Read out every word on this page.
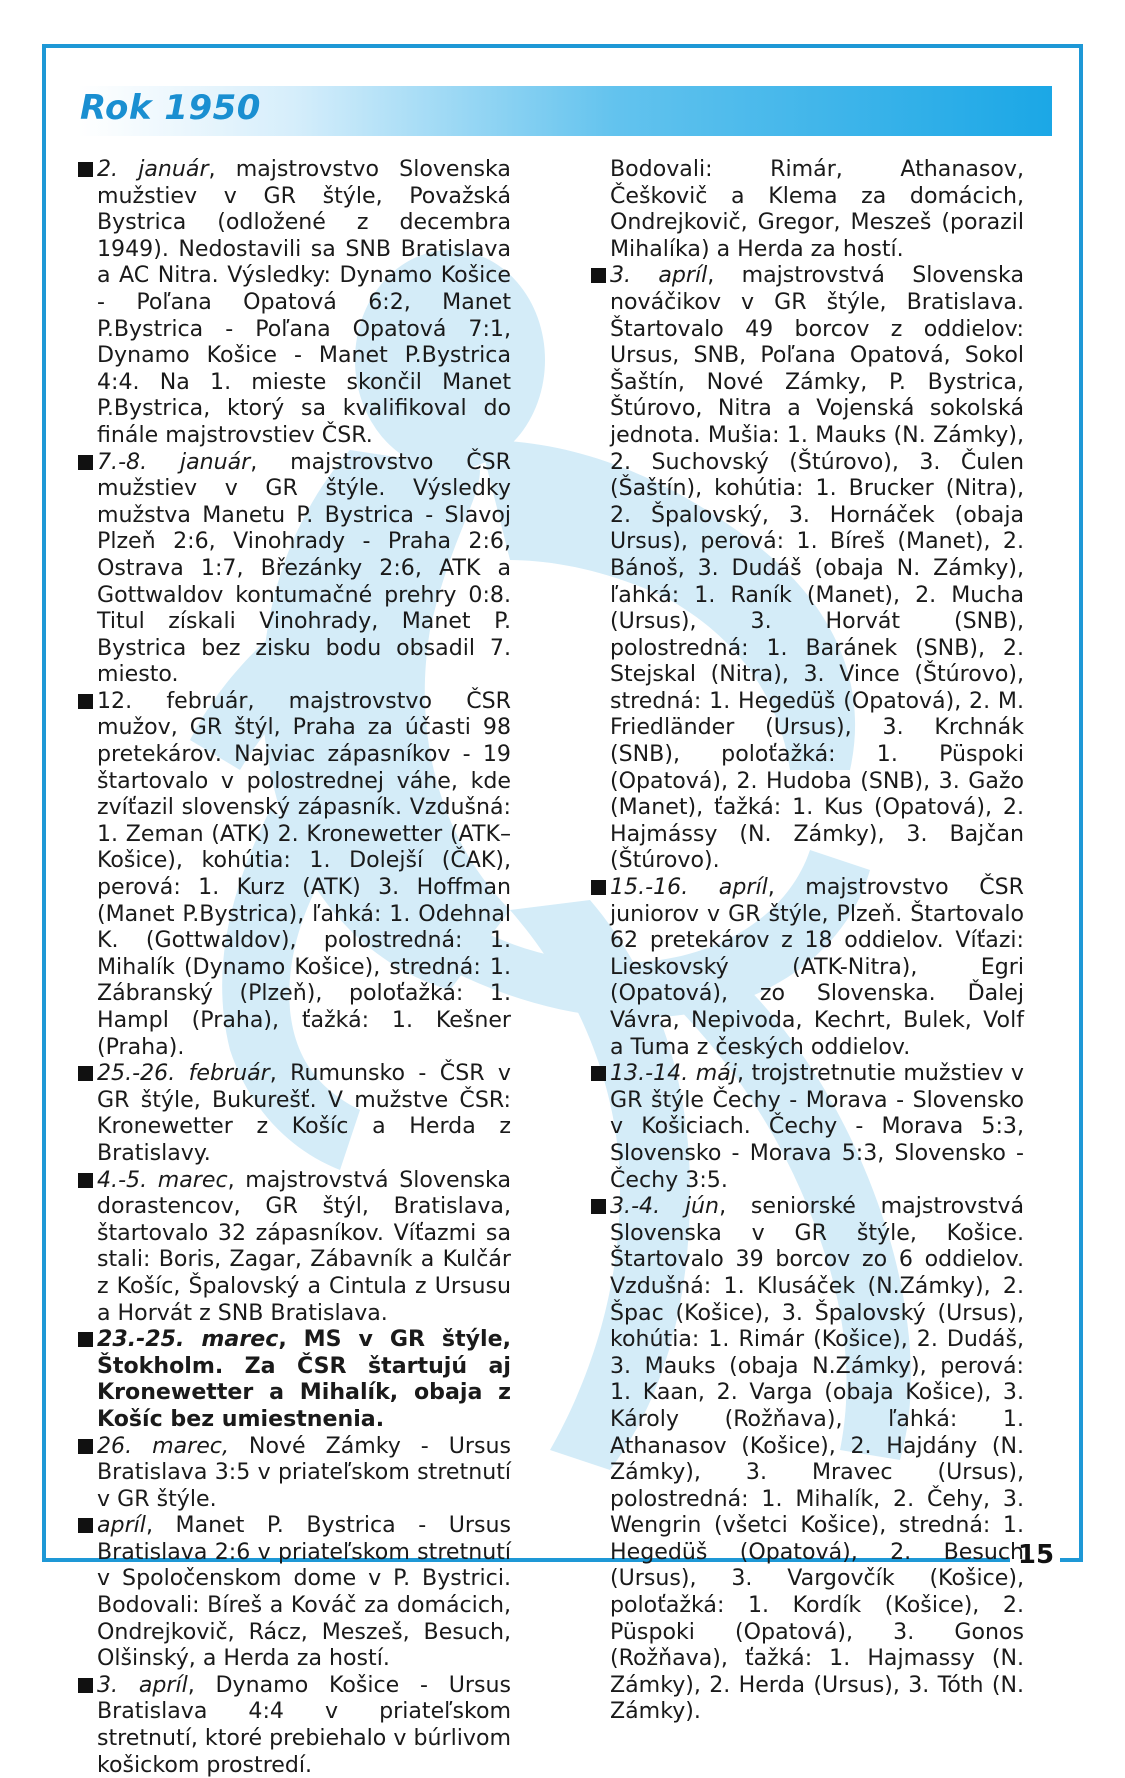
15
Rok 1950

2. január, majstrovstvo Slovenska mužstiev v GR štýle, Považská Bystrica (odložené z decembra 1949). Nedostavili sa SNB Bratislava a AC Nitra. Výsledky: Dynamo Košice - Poľana Opatová 6:2, Manet P.Bystrica - Poľana Opatová 7:1, Dynamo Košice - Manet P.Bystrica 4:4. Na 1. mieste skončil Manet P.Bystrica, ktorý sa kvalifikoval do finále majstrovstiev ČSR.

7.-8. január, majstrovstvo ČSR mužstiev v GR štýle. Výsledky mužstva Manetu P. Bystrica - Slavoj Plzeň 2:6, Vinohrady - Praha 2:6, Ostrava 1:7, Březánky 2:6, ATK a Gottwaldov kontumačné prehry 0:8. Titul získali Vinohrady, Manet P. Bystrica bez zisku bodu obsadil 7. miesto.

12. február, majstrovstvo ČSR mužov, GR štýl, Praha za účasti 98 pretekárov. Najviac zápasníkov - 19 štartovalo v polostrednej váhe, kde zvíťazil slovenský zápasník. Vzdušná: 1. Zeman (ATK) 2. Kronewetter (ATK–Košice), kohútia: 1. Dolejší (ČAK), perová: 1. Kurz (ATK) 3. Hoffman (Manet P.Bystrica), ľahká: 1. Odehnal K. (Gottwaldov), polostredná: 1. Mihalík (Dynamo Košice), stredná: 1. Zábranský (Plzeň), poloťažká: 1. Hampl (Praha), ťažká: 1. Kešner (Praha).

25.-26. február, Rumunsko - ČSR v GR štýle, Bukurešť. V mužstve ČSR: Kronewetter z Košíc a Herda z Bratislavy.

4.-5. marec, majstrovstvá Slovenska dorastencov, GR štýl, Bratislava, štartovalo 32 zápasníkov. Víťazmi sa stali: Boris, Zagar, Zábavník a Kulčár z Košíc, Špalovský a Cintula z Ursusu a Horvát z SNB Bratislava.

23.-25. marec, MS v GR štýle, Štokholm. Za ČSR štartujú aj Kronewetter a Mihalík, obaja z Košíc bez umiestnenia.

26. marec, Nové Zámky - Ursus Bratislava 3:5 v priateľskom stretnutí v GR štýle.

apríl, Manet P. Bystrica - Ursus Bratislava 2:6 v priateľskom stretnutí v Spoločenskom dome v P. Bystrici. Bodovali: Bíreš a Kováč za domácich, Ondrejkovič, Rácz, Meszeš, Besuch, Olšinský, a Herda za hostí.

3. apríl, Dynamo Košice - Ursus Bratislava 4:4 v priateľskom stretnutí, ktoré prebiehalo v búrlivom košickom prostredí.

Bodovali: Rimár, Athanasov, Češkovič a Klema za domácich, Ondrejkovič, Gregor, Meszeš (porazil Mihalíka) a Herda za hostí.

3. apríl, majstrovstvá Slovenska nováčikov v GR štýle, Bratislava. Štartovalo 49 borcov z oddielov: Ursus, SNB, Poľana Opatová, Sokol Šaštín, Nové Zámky, P. Bystrica, Štúrovo, Nitra a Vojenská sokolská jednota. Mušia: 1. Mauks (N. Zámky), 2. Suchovský (Štúrovo), 3. Čulen (Šaštín), kohútia: 1. Brucker (Nitra), 2. Špalovský, 3. Hornáček (obaja Ursus), perová: 1. Bíreš (Manet), 2. Bánoš, 3. Dudáš (obaja N. Zámky), ľahká: 1. Raník (Manet), 2. Mucha (Ursus), 3. Horvát (SNB), polostredná: 1. Baránek (SNB), 2. Stejskal (Nitra), 3. Vince (Štúrovo), stredná: 1. Hegedüš (Opatová), 2. M. Friedländer (Ursus), 3. Krchnák (SNB), poloťažká: 1. Püspoki (Opatová), 2. Hudoba (SNB), 3. Gažo (Manet), ťažká: 1. Kus (Opatová), 2. Hajmássy (N. Zámky), 3. Bajčan (Štúrovo).

15.-16. apríl, majstrovstvo ČSR juniorov v GR štýle, Plzeň. Štartovalo 62 pretekárov z 18 oddielov. Víťazi: Lieskovský (ATK-Nitra), Egri (Opatová), zo Slovenska. Ďalej Vávra, Nepivoda, Kechrt, Bulek, Volf a Tuma z českých oddielov.

13.-14. máj, trojstretnutie mužstiev v GR štýle Čechy - Morava - Slovensko v Košiciach. Čechy - Morava 5:3, Slovensko - Morava 5:3, Slovensko - Čechy 3:5.

3.-4. jún, seniorské majstrovstvá Slovenska v GR štýle, Košice. Štartovalo 39 borcov zo 6 oddielov. Vzdušná: 1. Klusáček (N.Zámky), 2. Špac (Košice), 3. Špalovský (Ursus), kohútia: 1. Rimár (Košice), 2. Dudáš, 3. Mauks (obaja N.Zámky), perová: 1. Kaan, 2. Varga (obaja Košice), 3. Károly (Rožňava), ľahká: 1. Athanasov (Košice), 2. Hajdány (N. Zámky), 3. Mravec (Ursus), polostredná: 1. Mihalík, 2. Čehy, 3. Wengrin (všetci Košice), stredná: 1. Hegedüš (Opatová), 2. Besuch (Ursus), 3. Vargovčík (Košice), poloťažká: 1. Kordík (Košice), 2. Püspoki (Opatová), 3. Gonos (Rožňava), ťažká: 1. Hajmassy (N. Zámky), 2. Herda (Ursus), 3. Tóth (N. Zámky).
